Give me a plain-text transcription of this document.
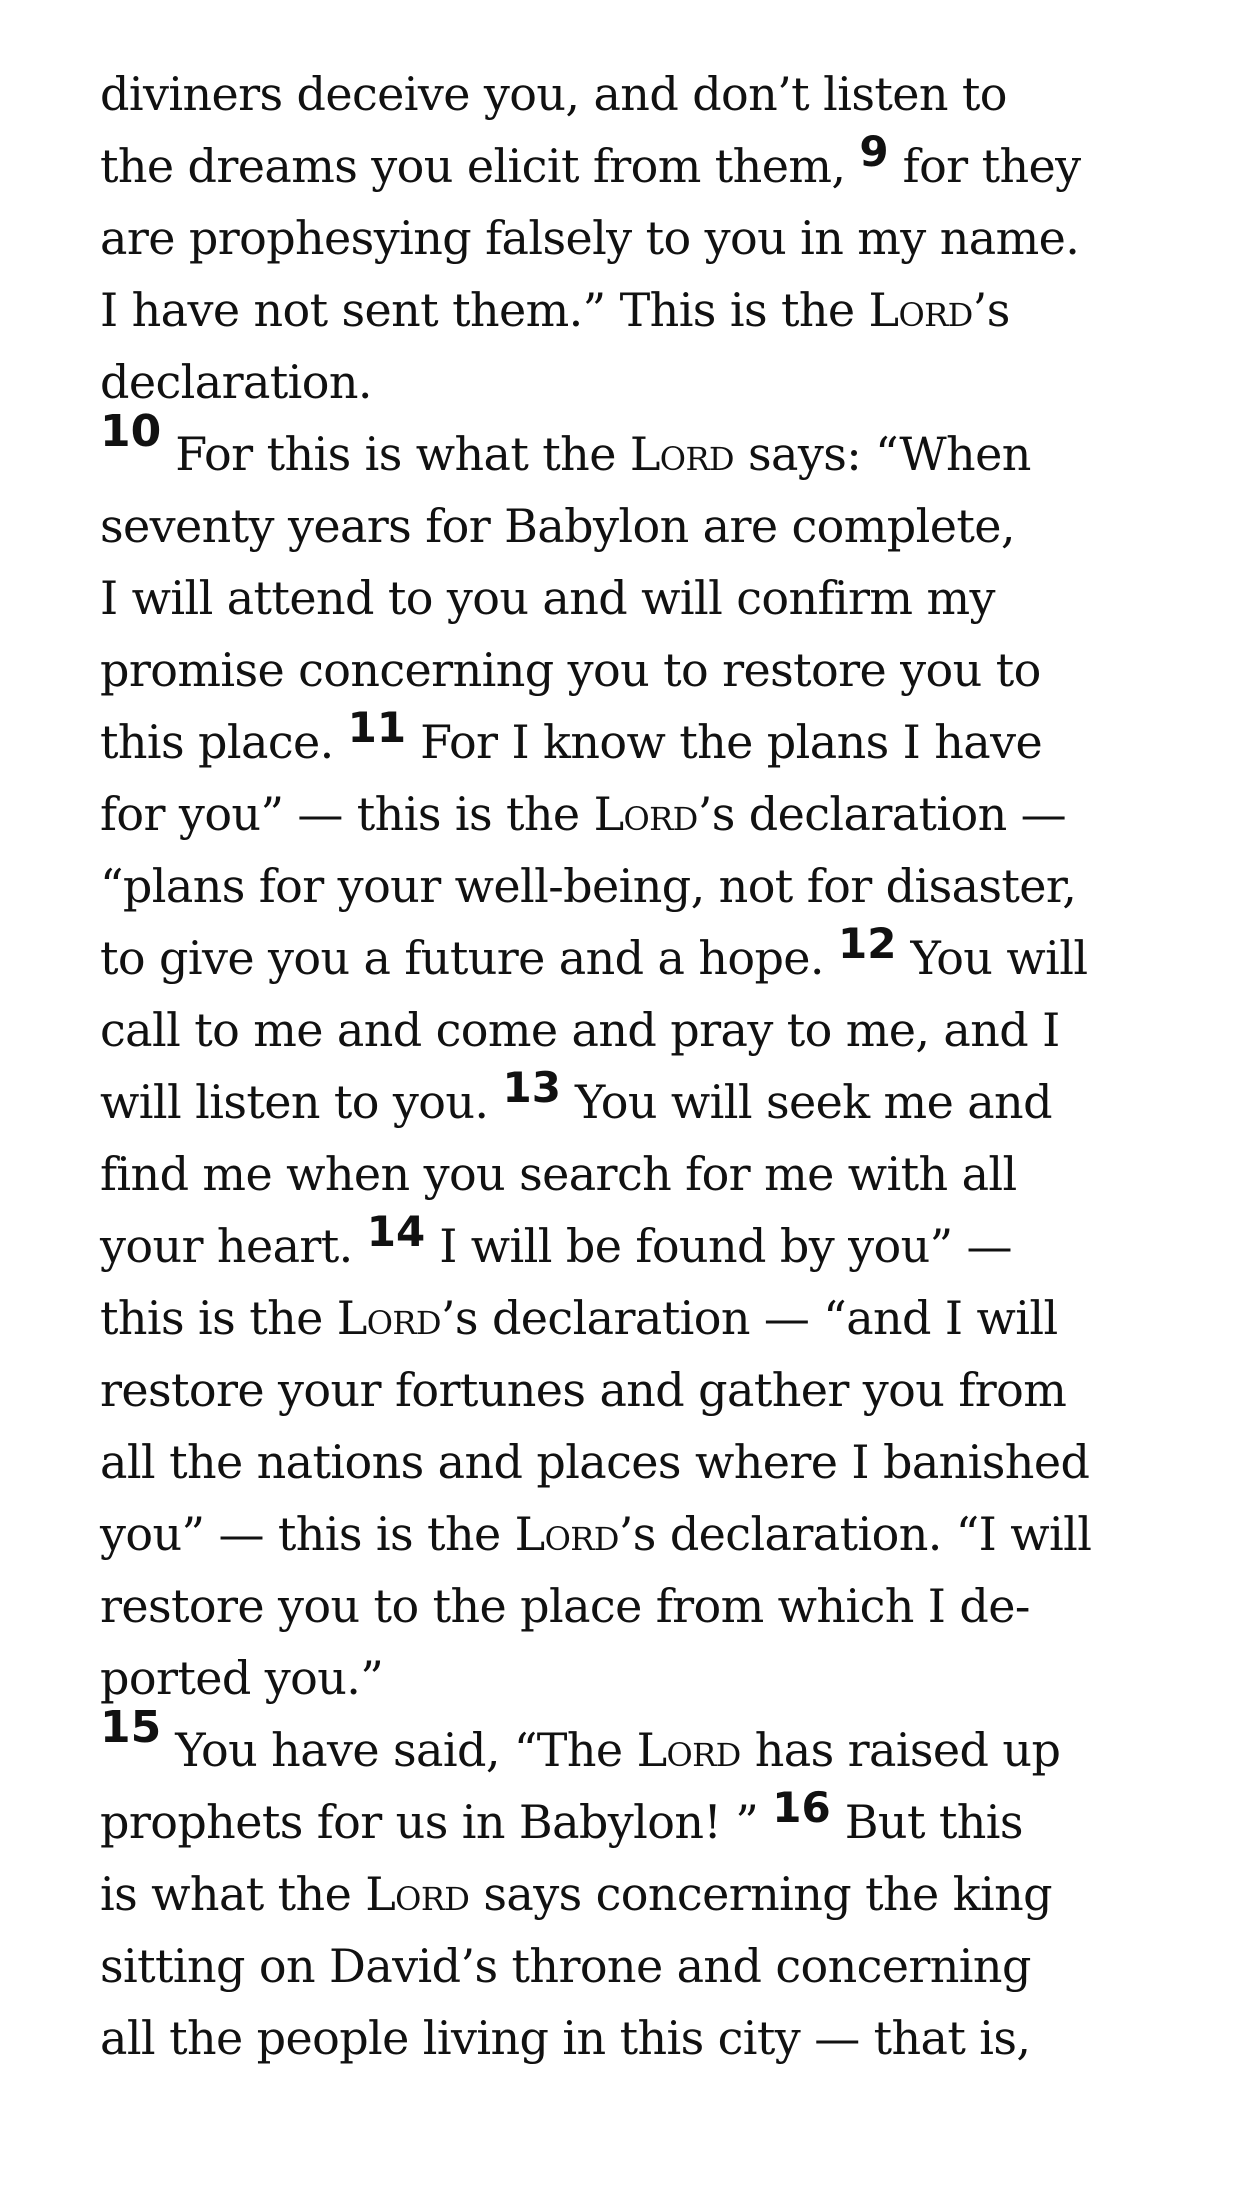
diviners deceive you, and don’t listen to
the dreams you elicit from them, 9 for they
are prophesying falsely to you in my name.
I have not sent them.” This is the Lord’s
declaration.
10 For this is what the Lord says: “When
seventy years for Babylon are complete,
I will attend to you and will confirm my
promise concerning you to restore you to
this place. 11 For I know the plans I have
for you” — this is the Lord’s declaration —
“plans for your well-being, not for disaster,
to give you a future and a hope. 12 You will
call to me and come and pray to me, and I
will listen to you. 13 You will seek me and
find me when you search for me with all
your heart. 14 I will be found by you” —
this is the Lord’s declaration — “and I will
restore your fortunes and gather you from
all the nations and places where I banished
you” — this is the Lord’s declaration. “I will
restore you to the place from which I de-
ported you.”
15 You have said, “The Lord has raised up
prophets for us in Babylon! ” 16 But this
is what the Lord says concerning the king
sitting on David’s throne and concerning
all the people living in this city — that is,
